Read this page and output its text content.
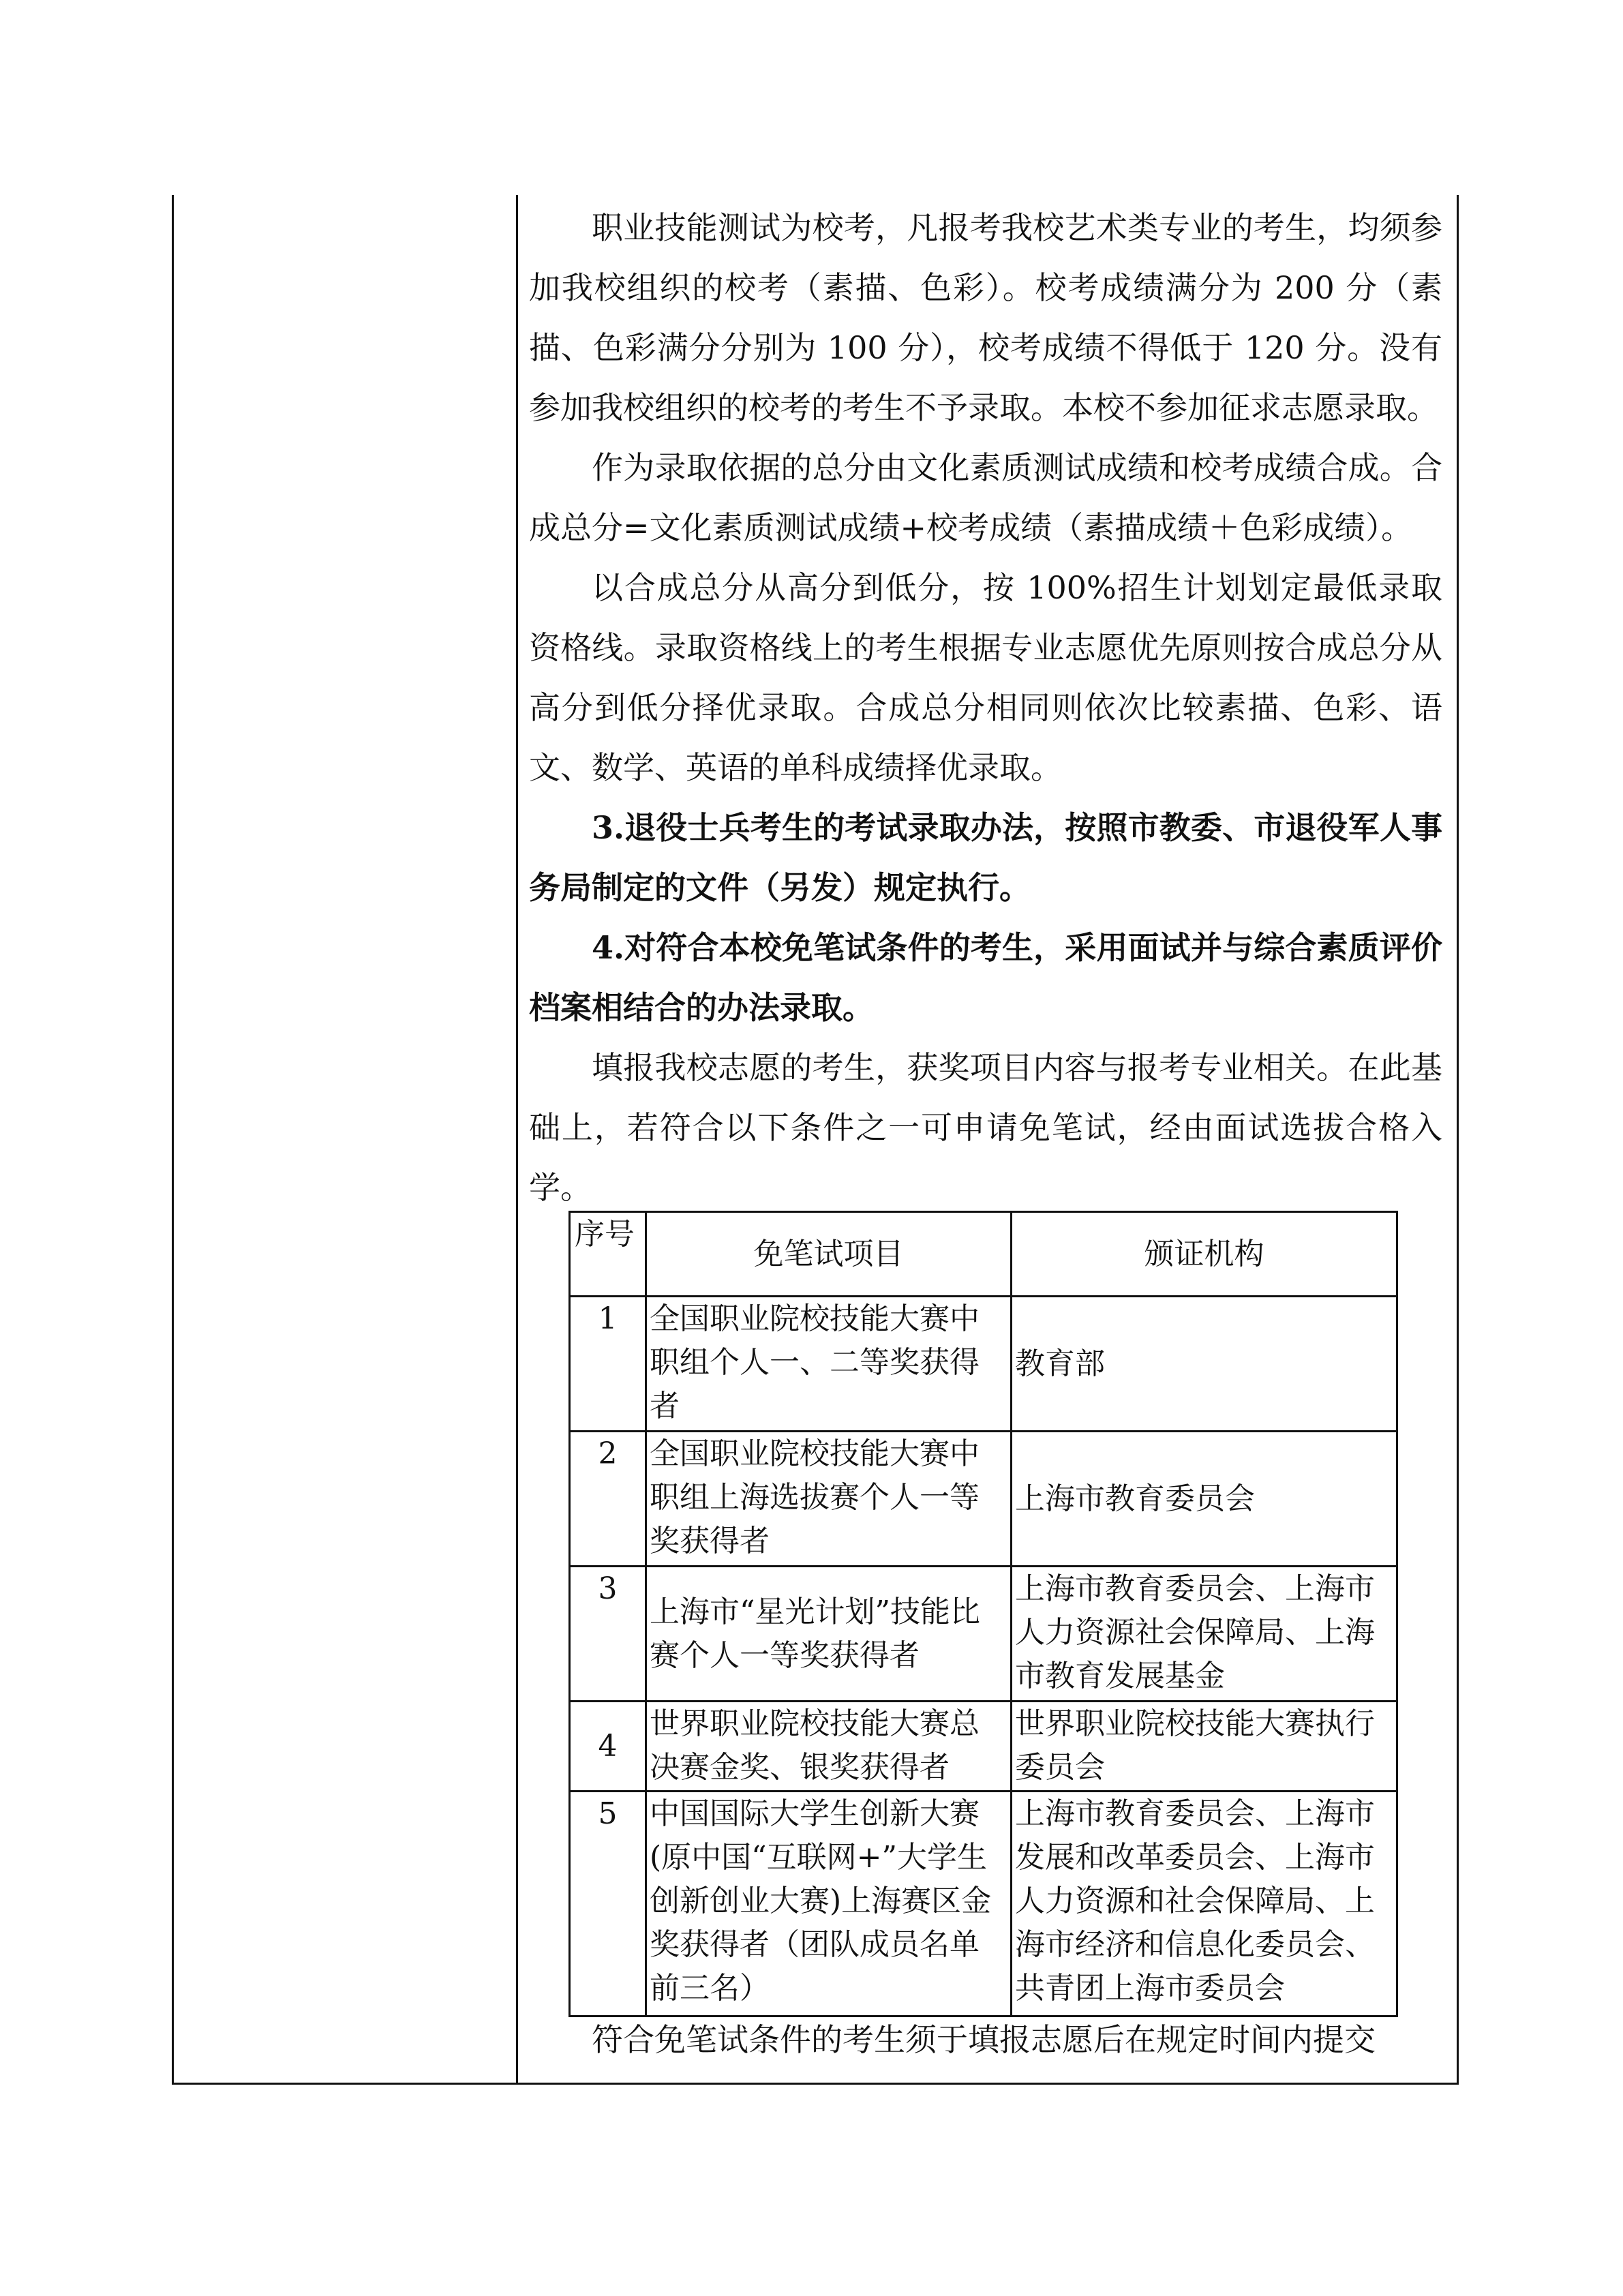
职业技能测试为校考，凡报考我校艺术类专业的考生，均须参加我校组织的校考（素描、色彩）。校考成绩满分为 200 分（素描、色彩满分分别为 100 分），校考成绩不得低于 120 分。没有参加我校组织的校考的考生不予录取。本校不参加征求志愿录取。

作为录取依据的总分由文化素质测试成绩和校考成绩合成。合成总分=文化素质测试成绩+校考成绩（素描成绩＋色彩成绩）。

以合成总分从高分到低分，按 100%招生计划划定最低录取资格线。录取资格线上的考生根据专业志愿优先原则按合成总分从高分到低分择优录取。合成总分相同则依次比较素描、色彩、语文、数学、英语的单科成绩择优录取。

3.退役士兵考生的考试录取办法，按照市教委、市退役军人事务局制定的文件（另发）规定执行。

4.对符合本校免笔试条件的考生，采用面试并与综合素质评价档案相结合的办法录取。

填报我校志愿的考生，获奖项目内容与报考专业相关。在此基础上，若符合以下条件之一可申请免笔试，经由面试选拔合格入学。

序号	免笔试项目	颁证机构
1	全国职业院校技能大赛中职组个人一、二等奖获得者	教育部
2	全国职业院校技能大赛中职组上海选拔赛个人一等奖获得者	上海市教育委员会
3	上海市“星光计划”技能比赛个人一等奖获得者	上海市教育委员会、上海市人力资源社会保障局、上海市教育发展基金
4	世界职业院校技能大赛总决赛金奖、银奖获得者	世界职业院校技能大赛执行委员会
5	中国国际大学生创新大赛(原中国“互联网+”大学生创新创业大赛)上海赛区金奖获得者（团队成员名单前三名）	上海市教育委员会、上海市发展和改革委员会、上海市人力资源和社会保障局、上海市经济和信息化委员会、共青团上海市委员会

符合免笔试条件的考生须于填报志愿后在规定时间内提交
